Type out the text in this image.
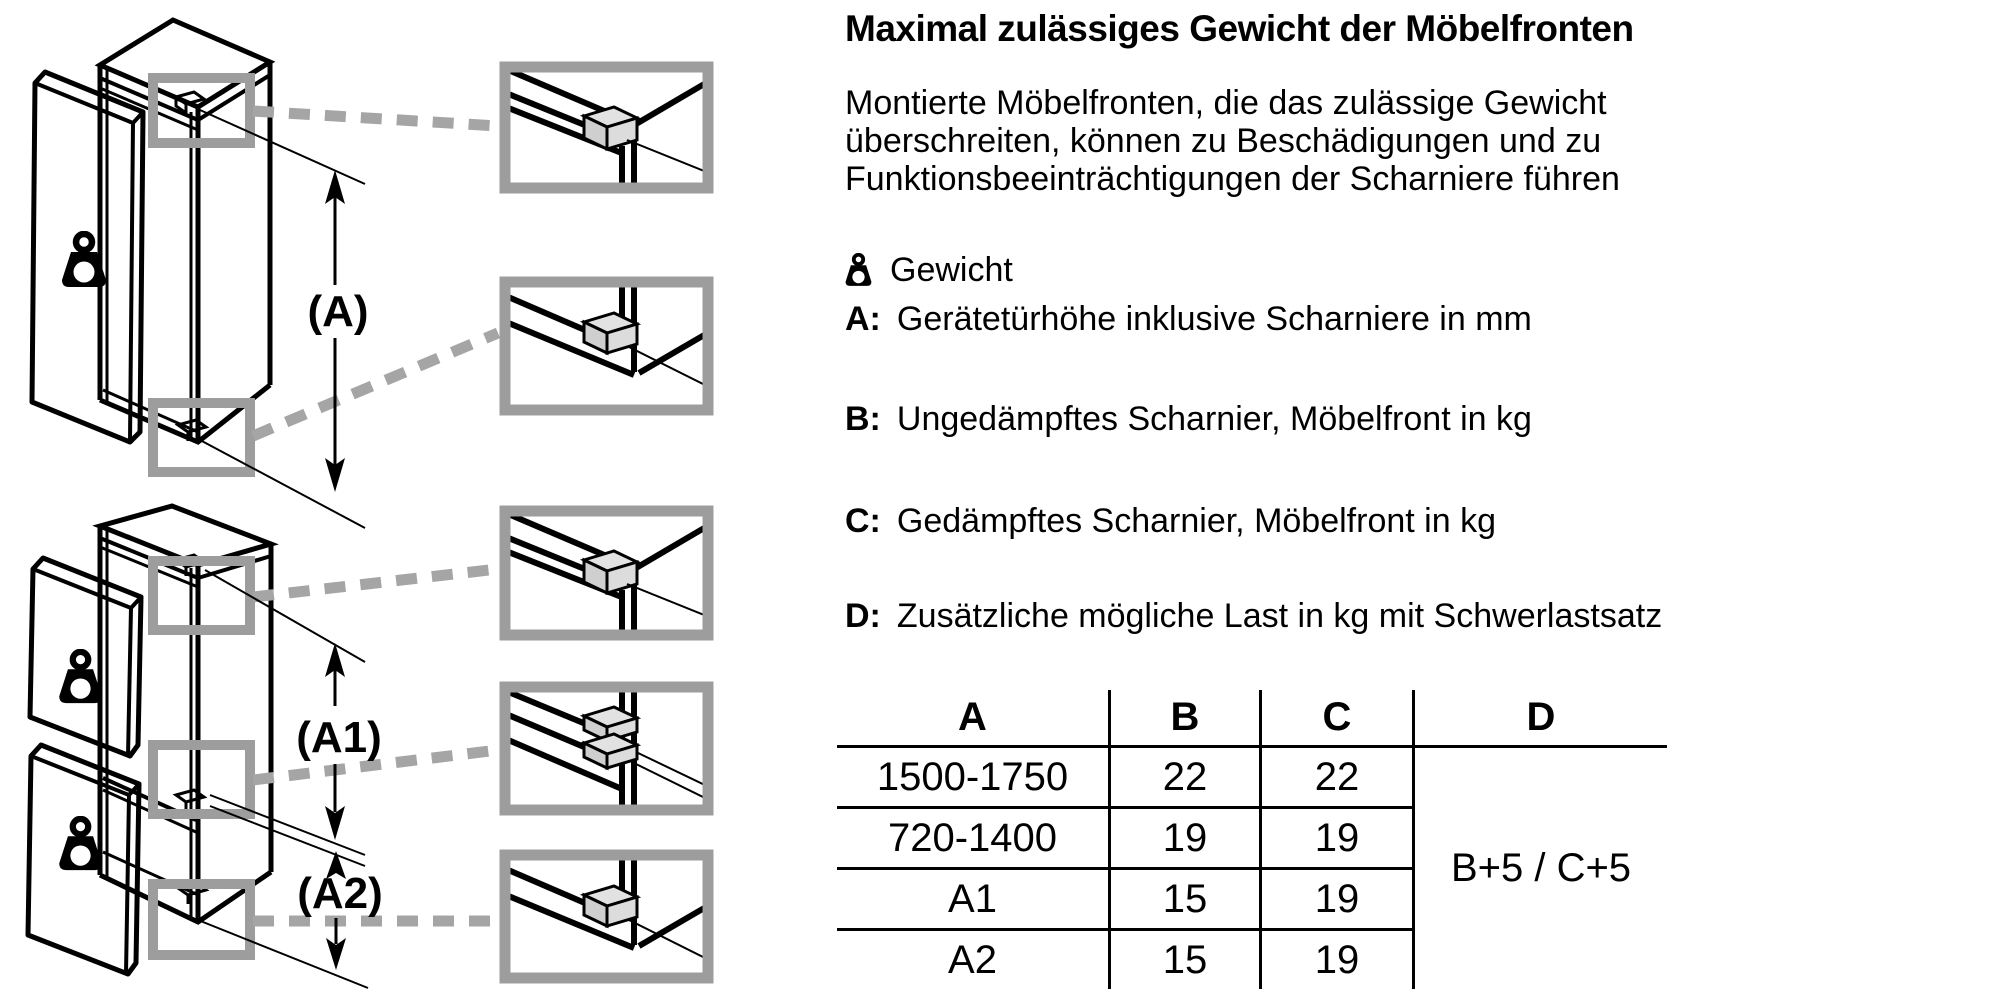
(A)
(A1)
(A2)
Maximal zulässiges Gewicht der Möbelfronten
Montierte Möbelfronten, die das zulässige Gewicht
überschreiten, können zu Beschädigungen und zu
Funktionsbeeinträchtigungen der Scharniere führen
Gewicht
A: Gerätetürhöhe inklusive Scharniere in mm
B: Ungedämpftes Scharnier, Möbelfront in kg
C: Gedämpftes Scharnier, Möbelfront in kg
D: Zusätzliche mögliche Last in kg mit Schwerlastsatz
A	B	C	D
1500-1750	22	22	B+5 / C+5
720-1400	19	19	
A1	15	19	
A2	15	19	
